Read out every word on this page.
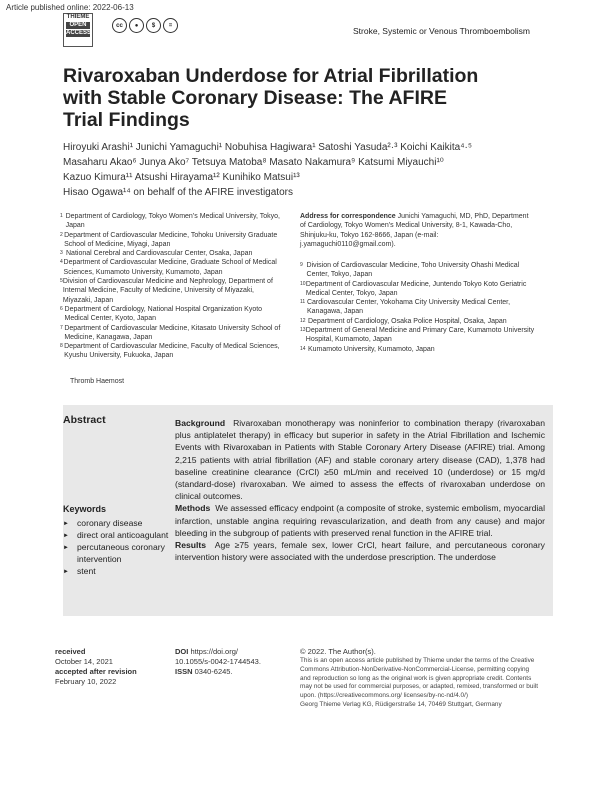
Article published online: 2022-06-13
THIEME
OPEN
ACCESS
cc	●	$	=
Stroke, Systemic or Venous Thromboembolism
Rivaroxaban Underdose for Atrial Fibrillation with Stable Coronary Disease: The AFIRE Trial Findings
Hiroyuki Arashi¹ Junichi Yamaguchi¹ Nobuhisa Hagiwara¹ Satoshi Yasuda²·³ Koichi Kaikita⁴·⁵
Masaharu Akao⁶ Junya Ako⁷ Tetsuya Matoba⁸ Masato Nakamura⁹ Katsumi Miyauchi¹⁰
Kazuo Kimura¹¹ Atsushi Hirayama¹² Kunihiko Matsui¹³
Hisao Ogawa¹⁴ on behalf of the AFIRE investigators
1 Department of Cardiology, Tokyo Women’s Medical University, Tokyo, Japan
2 Department of Cardiovascular Medicine, Tohoku University Graduate School of Medicine, Miyagi, Japan
3 National Cerebral and Cardiovascular Center, Osaka, Japan
4 Department of Cardiovascular Medicine, Graduate School of Medical Sciences, Kumamoto University, Kumamoto, Japan
5 Division of Cardiovascular Medicine and Nephrology, Department of Internal Medicine, Faculty of Medicine, University of Miyazaki, Miyazaki, Japan
6 Department of Cardiology, National Hospital Organization Kyoto Medical Center, Kyoto, Japan
7 Department of Cardiovascular Medicine, Kitasato University School of Medicine, Kanagawa, Japan
8 Department of Cardiovascular Medicine, Faculty of Medical Sciences, Kyushu University, Fukuoka, Japan
Address for correspondence Junichi Yamaguchi, MD, PhD, Department of Cardiology, Tokyo Women’s Medical University, 8-1, Kawada-Cho, Shinjuku-ku, Tokyo 162-8666, Japan (e-mail: j.yamaguchi0110@gmail.com).
9 Division of Cardiovascular Medicine, Toho University Ohashi Medical Center, Tokyo, Japan
10 Department of Cardiovascular Medicine, Juntendo Tokyo Koto Geriatric Medical Center, Tokyo, Japan
11 Cardiovascular Center, Yokohama City University Medical Center, Kanagawa, Japan
12 Department of Cardiology, Osaka Police Hospital, Osaka, Japan
13 Department of General Medicine and Primary Care, Kumamoto University Hospital, Kumamoto, Japan
14 Kumamoto University, Kumamoto, Japan
Thromb Haemost
Abstract	Background Rivaroxaban monotherapy was noninferior to combination therapy (rivaroxaban plus antiplatelet therapy) in efficacy but superior in safety in the Atrial Fibrillation and Ischemic Events with Rivaroxaban in Patients with Stable Coronary Artery Disease (AFIRE) trial. Among 2,215 patients with atrial fibrillation (AF) and stable coronary artery disease (CAD), 1,378 had baseline creatinine clearance (CrCl) ≥50 mL/min and received 10 (underdose) or 15 mg/d (standard-dose) rivaroxaban. We aimed to assess the effects of rivaroxaban underdose on clinical outcomes.
Methods We assessed efficacy endpoint (a composite of stroke, systemic embolism, myocardial infarction, unstable angina requiring revascularization, and death from any cause) and major bleeding in the subgroup of patients with preserved renal function in the AFIRE trial.
Results Age ≥75 years, female sex, lower CrCl, heart failure, and percutaneous coronary intervention history were associated with the underdose prescription. The underdose
Keywords
► coronary disease
► direct oral anticoagulant
► percutaneous coronary intervention
► stent
received
October 14, 2021
accepted after revision
February 10, 2022
DOI https://doi.org/ 10.1055/s-0042-1744543.
ISSN 0340-6245.
© 2022. The Author(s).
This is an open access article published by Thieme under the terms of the Creative Commons Attribution-NonDerivative-NonCommercial-License, permitting copying and reproduction so long as the original work is given appropriate credit. Contents may not be used for commercial purposes, or adapted, remixed, transformed or built upon. (https://creativecommons.org/ licenses/by-nc-nd/4.0/)
Georg Thieme Verlag KG, Rüdigerstraße 14, 70469 Stuttgart, Germany
